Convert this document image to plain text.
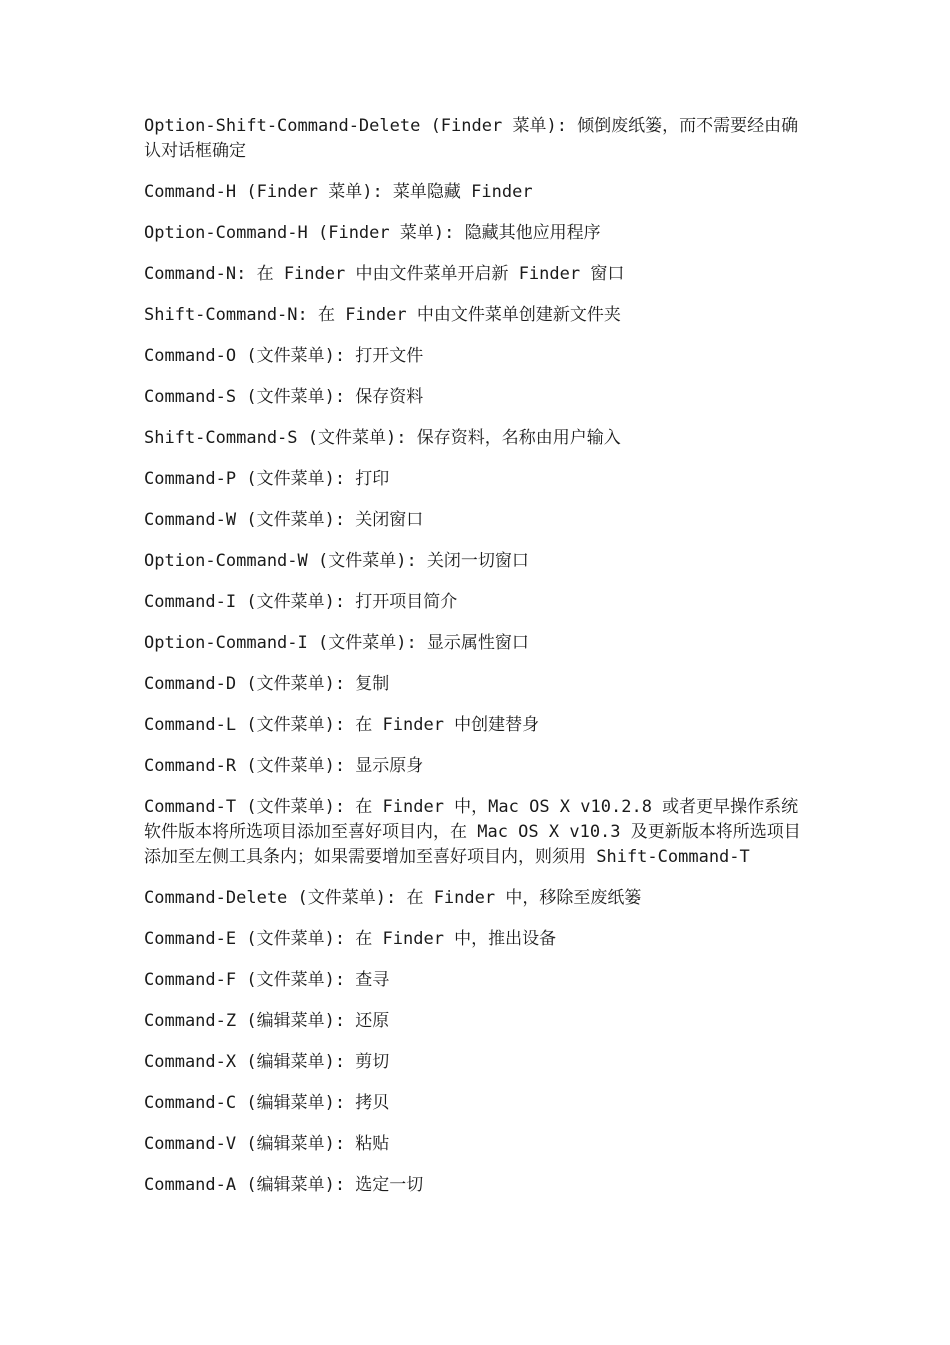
Option-Shift-Command-Delete (Finder 菜单): 倾倒废纸篓，而不需要经由确认对话框确定

Command-H (Finder 菜单): 菜单隐藏 Finder

Option-Command-H (Finder 菜单): 隐藏其他应用程序

Command-N: 在 Finder 中由文件菜单开启新 Finder 窗口

Shift-Command-N: 在 Finder 中由文件菜单创建新文件夹

Command-O (文件菜单): 打开文件

Command-S (文件菜单): 保存资料

Shift-Command-S (文件菜单): 保存资料，名称由用户输入

Command-P (文件菜单): 打印

Command-W (文件菜单): 关闭窗口

Option-Command-W (文件菜单): 关闭一切窗口

Command-I (文件菜单): 打开项目简介

Option-Command-I (文件菜单): 显示属性窗口

Command-D (文件菜单): 复制

Command-L (文件菜单): 在 Finder 中创建替身

Command-R (文件菜单): 显示原身

Command-T (文件菜单): 在 Finder 中，Mac OS X v10.2.8 或者更早操作系统软件版本将所选项目添加至喜好项目内，在 Mac OS X v10.3 及更新版本将所选项目添加至左侧工具条内；如果需要增加至喜好项目内，则须用 Shift-Command-T

Command-Delete (文件菜单): 在 Finder 中，移除至废纸篓

Command-E (文件菜单): 在 Finder 中，推出设备

Command-F (文件菜单): 查寻

Command-Z (编辑菜单): 还原

Command-X (编辑菜单): 剪切

Command-C (编辑菜单): 拷贝

Command-V (编辑菜单): 粘贴

Command-A (编辑菜单): 选定一切
